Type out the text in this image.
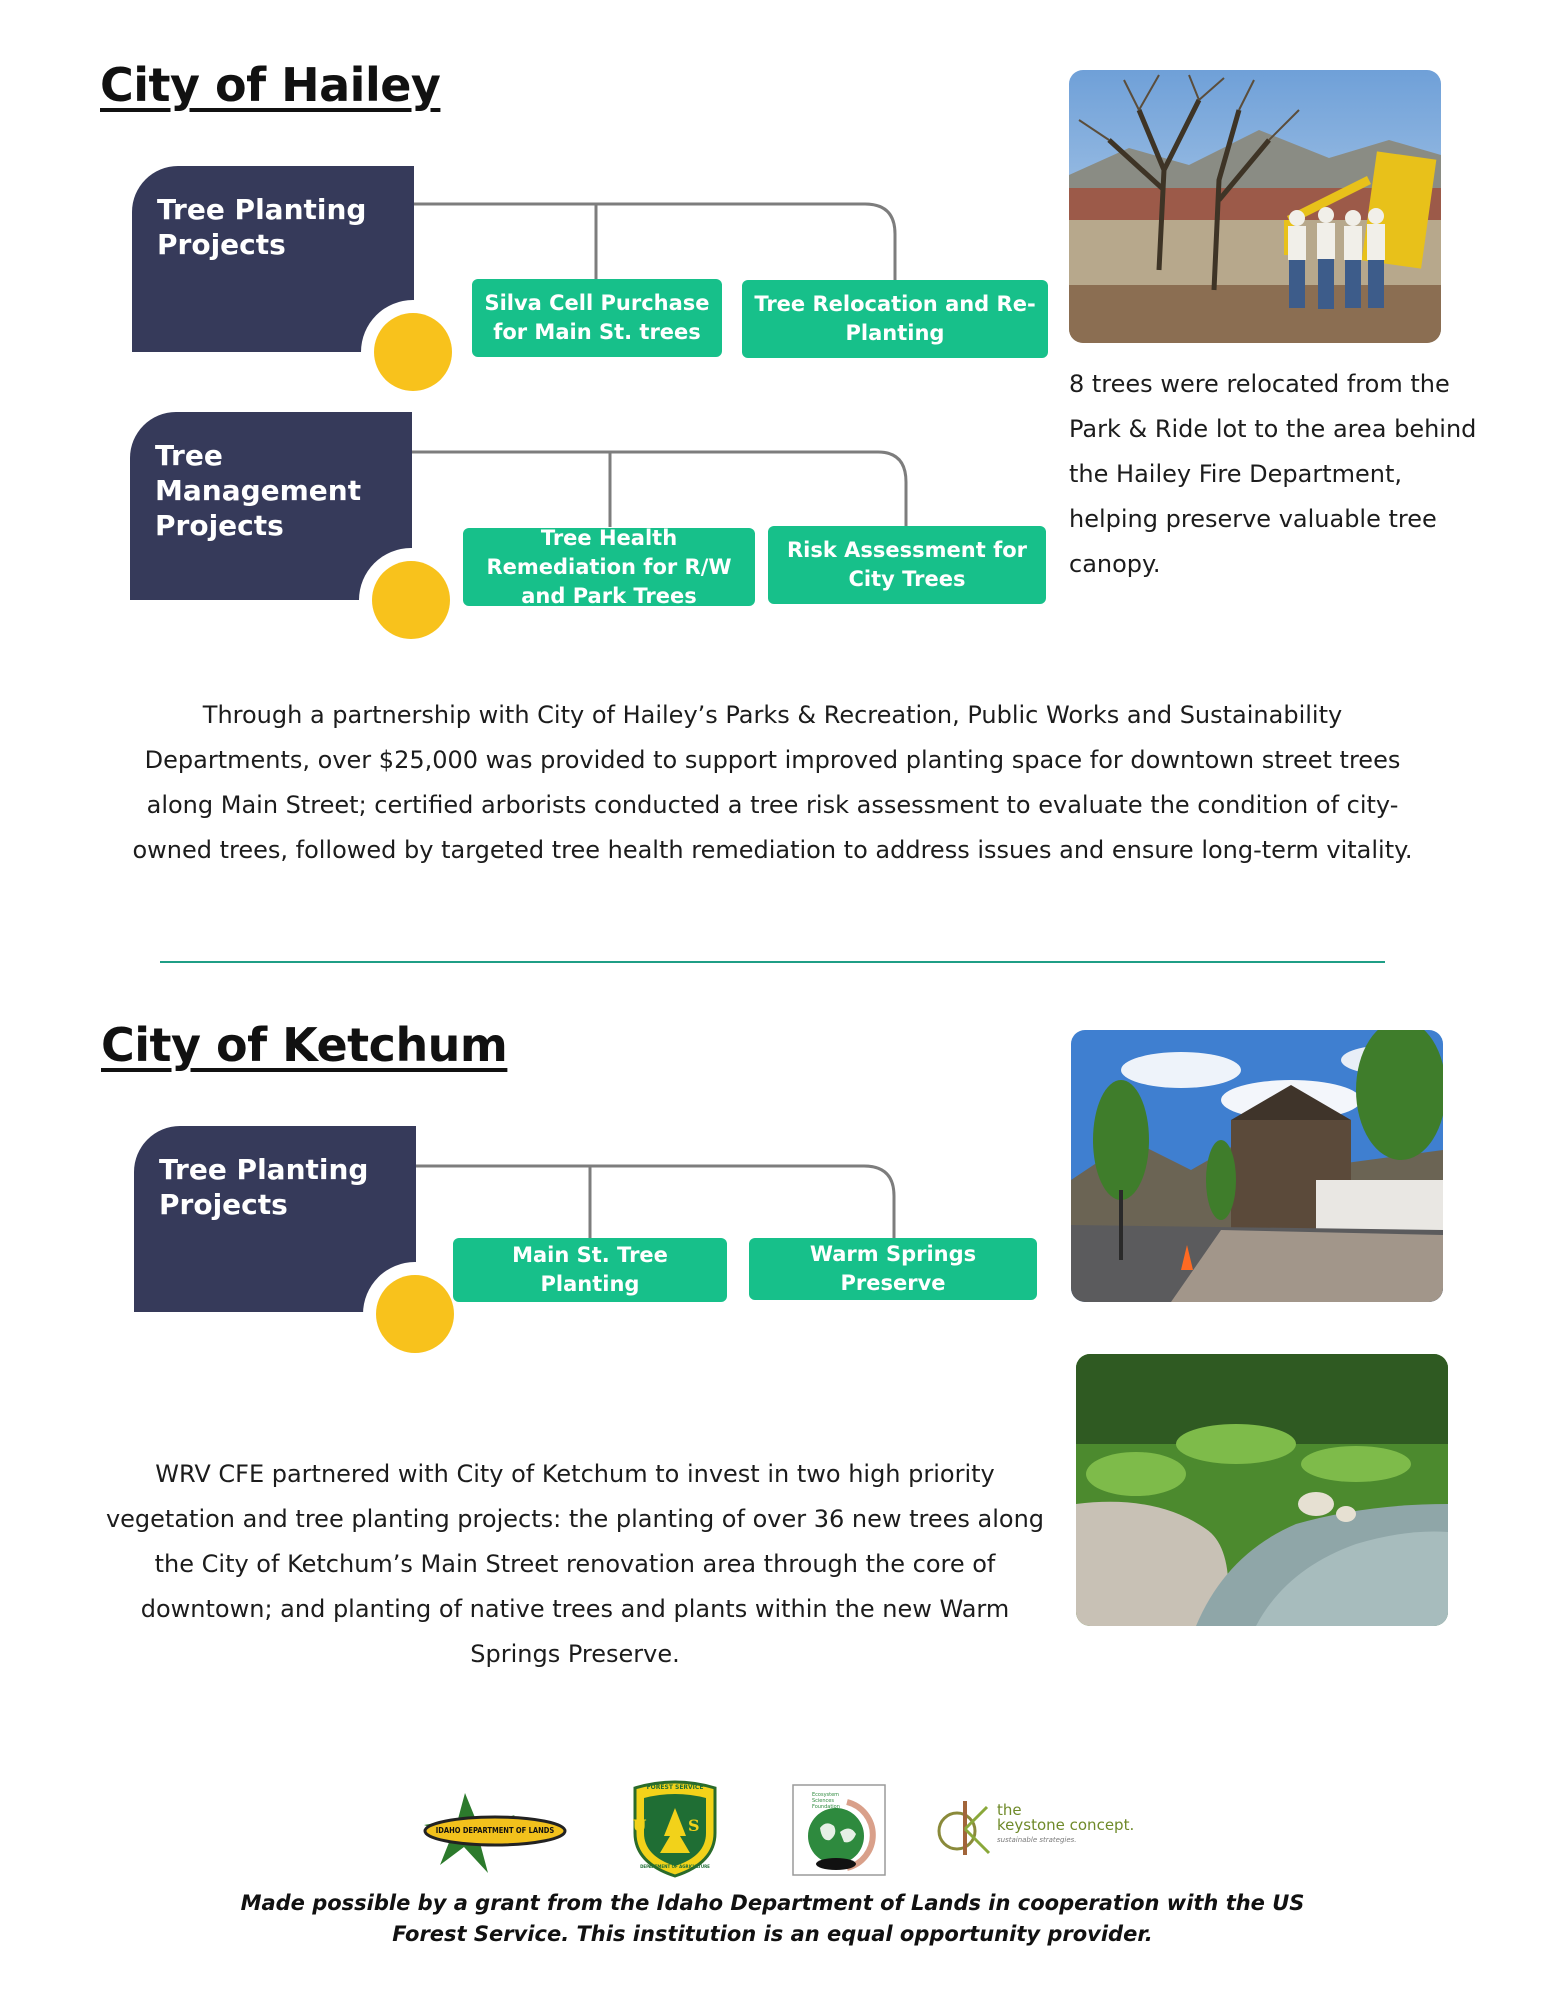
City of Hailey
Tree Planting Projects
Silva Cell Purchase for Main St. trees
Tree Relocation and Re-Planting
Tree Management Projects	Tree Health Remediation for R/W and Park Trees
Risk Assessment for City Trees
8 trees were relocated from the Park & Ride lot to the area behind the Hailey Fire Department, helping preserve valuable tree canopy.
Through a partnership with City of Hailey’s Parks & Recreation, Public Works and Sustainability Departments, over $25,000 was provided to support improved planting space for downtown street trees along Main Street; certified arborists conducted a tree risk assessment to evaluate the condition of city-owned trees, followed by targeted tree health remediation to address issues and ensure long-term vitality.
City of Ketchum
Tree Planting Projects
Main St. Tree Planting
Warm Springs Preserve
WRV CFE partnered with City of Ketchum to invest in two high priority vegetation and tree planting projects: the planting of over 36 new trees along the City of Ketchum’s Main Street renovation area through the core of downtown; and planting of native trees and plants within the new Warm Springs Preserve.
IDAHO DEPARTMENT OF LANDS
FOREST SERVICE
U S
DEPARTMENT OF AGRICULTURE
Ecosystem Sciences Foundation	the
keystone concept.
sustainable strategies.
Made possible by a grant from the Idaho Department of Lands in cooperation with the US Forest Service. This institution is an equal opportunity provider.
